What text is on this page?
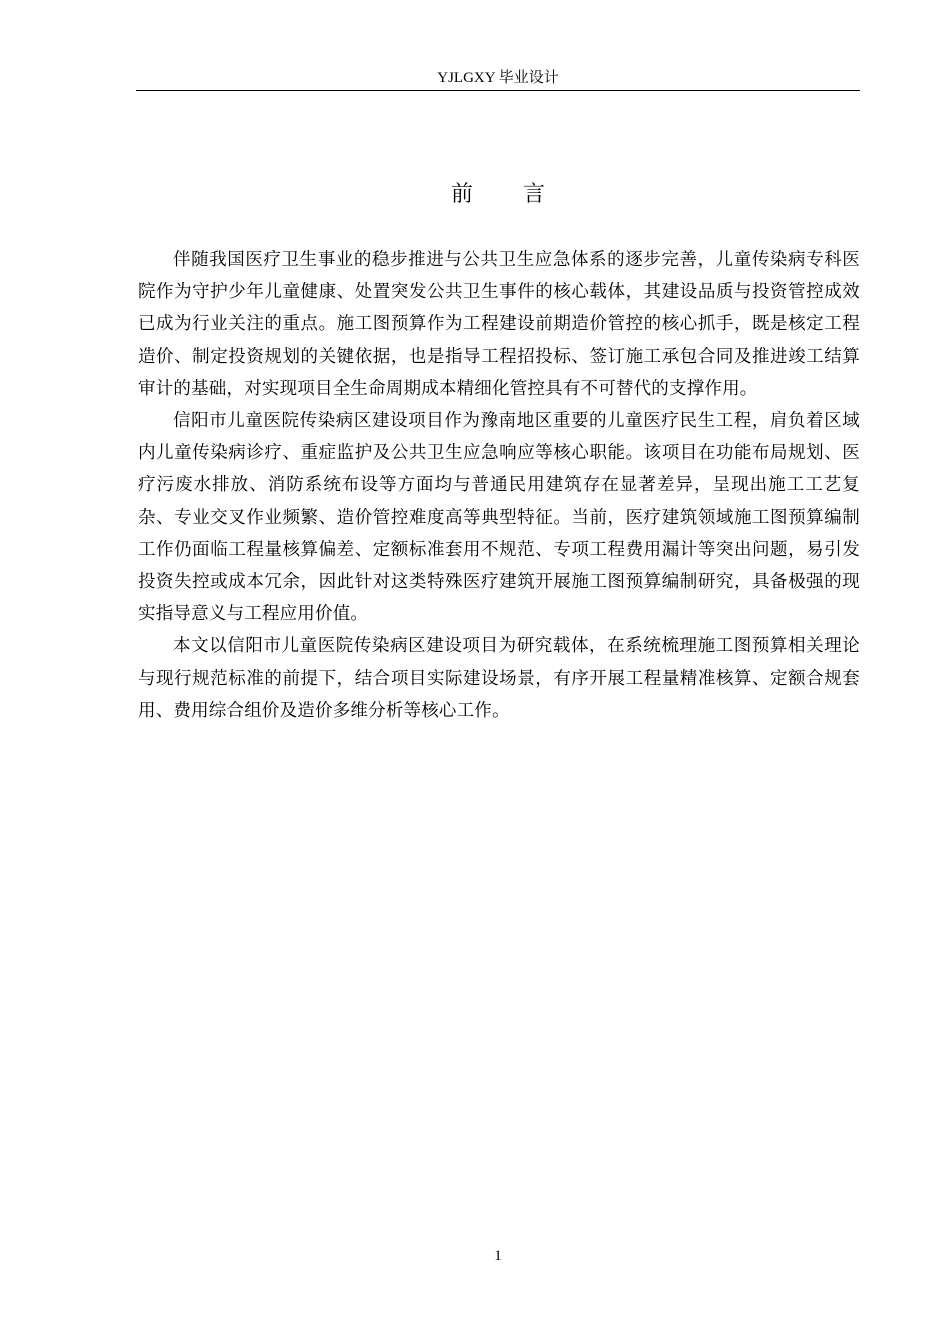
YJLGXY 毕业设计
前 言

伴随我国医疗卫生事业的稳步推进与公共卫生应急体系的逐步完善，儿童传染病专科医院作为守护少年儿童健康、处置突发公共卫生事件的核心载体，其建设品质与投资管控成效已成为行业关注的重点。施工图预算作为工程建设前期造价管控的核心抓手，既是核定工程造价、制定投资规划的关键依据，也是指导工程招投标、签订施工承包合同及推进竣工结算审计的基础，对实现项目全生命周期成本精细化管控具有不可替代的支撑作用。

信阳市儿童医院传染病区建设项目作为豫南地区重要的儿童医疗民生工程，肩负着区域内儿童传染病诊疗、重症监护及公共卫生应急响应等核心职能。该项目在功能布局规划、医疗污废水排放、消防系统布设等方面均与普通民用建筑存在显著差异，呈现出施工工艺复杂、专业交叉作业频繁、造价管控难度高等典型特征。当前，医疗建筑领域施工图预算编制工作仍面临工程量核算偏差、定额标准套用不规范、专项工程费用漏计等突出问题，易引发投资失控或成本冗余，因此针对这类特殊医疗建筑开展施工图预算编制研究，具备极强的现实指导意义与工程应用价值。

本文以信阳市儿童医院传染病区建设项目为研究载体，在系统梳理施工图预算相关理论与现行规范标准的前提下，结合项目实际建设场景，有序开展工程量精准核算、定额合规套用、费用综合组价及造价多维分析等核心工作。

1
